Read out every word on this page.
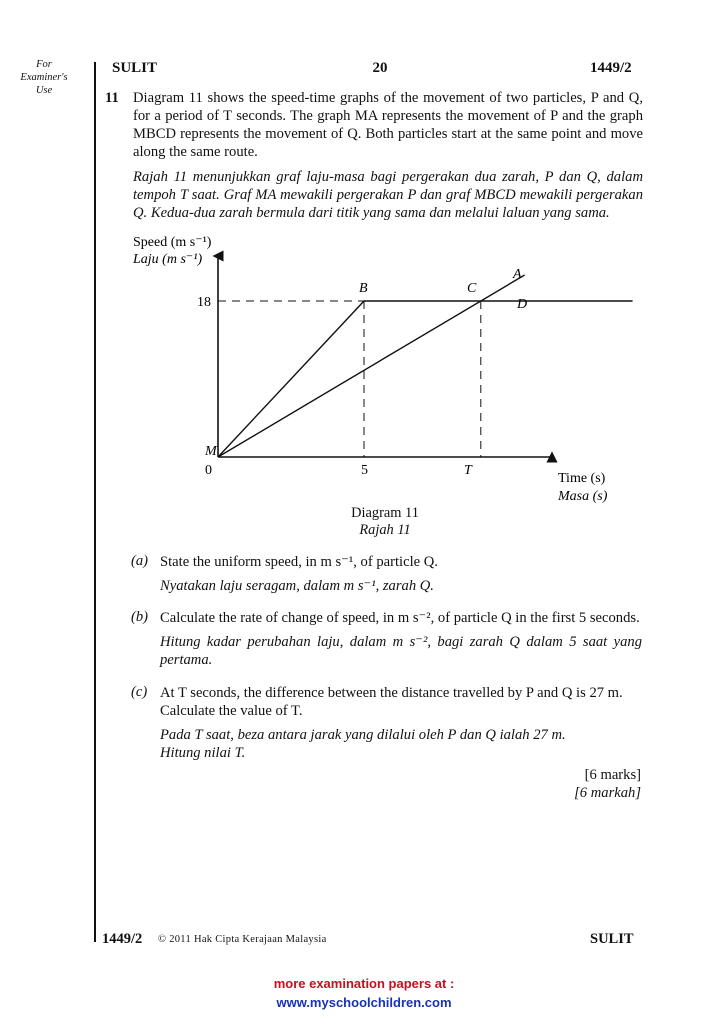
For
Examiner's
Use
SULIT	20	1449/2
11 Diagram 11 shows the speed-time graphs of the movement of two particles, P and Q, for a period of T seconds. The graph MA represents the movement of P and the graph MBCD represents the movement of Q. Both particles start at the same point and move along the same route.

Rajah 11 menunjukkan graf laju-masa bagi pergerakan dua zarah, P dan Q, dalam tempoh T saat. Graf MA mewakili pergerakan P dan graf MBCD mewakili pergerakan Q. Kedua-dua zarah bermula dari titik yang sama dan melalui laluan yang sama.

Speed (m s⁻¹)
Laju (m s⁻¹)
Time (s)
Masa (s)
18
0	5	T
M
B	C
D
A
Diagram 11
Rajah 11
(a) State the uniform speed, in m s⁻¹, of particle Q.

Nyatakan laju seragam, dalam m s⁻¹, zarah Q.

(b) Calculate the rate of change of speed, in m s⁻², of particle Q in the first 5 seconds.

Hitung kadar perubahan laju, dalam m s⁻², bagi zarah Q dalam 5 saat yang pertama.

(c) At T seconds, the difference between the distance travelled by P and Q is 27 m.

Calculate the value of T.

Pada T saat, beza antara jarak yang dilalui oleh P dan Q ialah 27 m.

Hitung nilai T.

[6 marks]
[6 markah]
1449/2 © 2011 Hak Cipta Kerajaan Malaysia	SULIT
more examination papers at :
www.myschoolchildren.com
